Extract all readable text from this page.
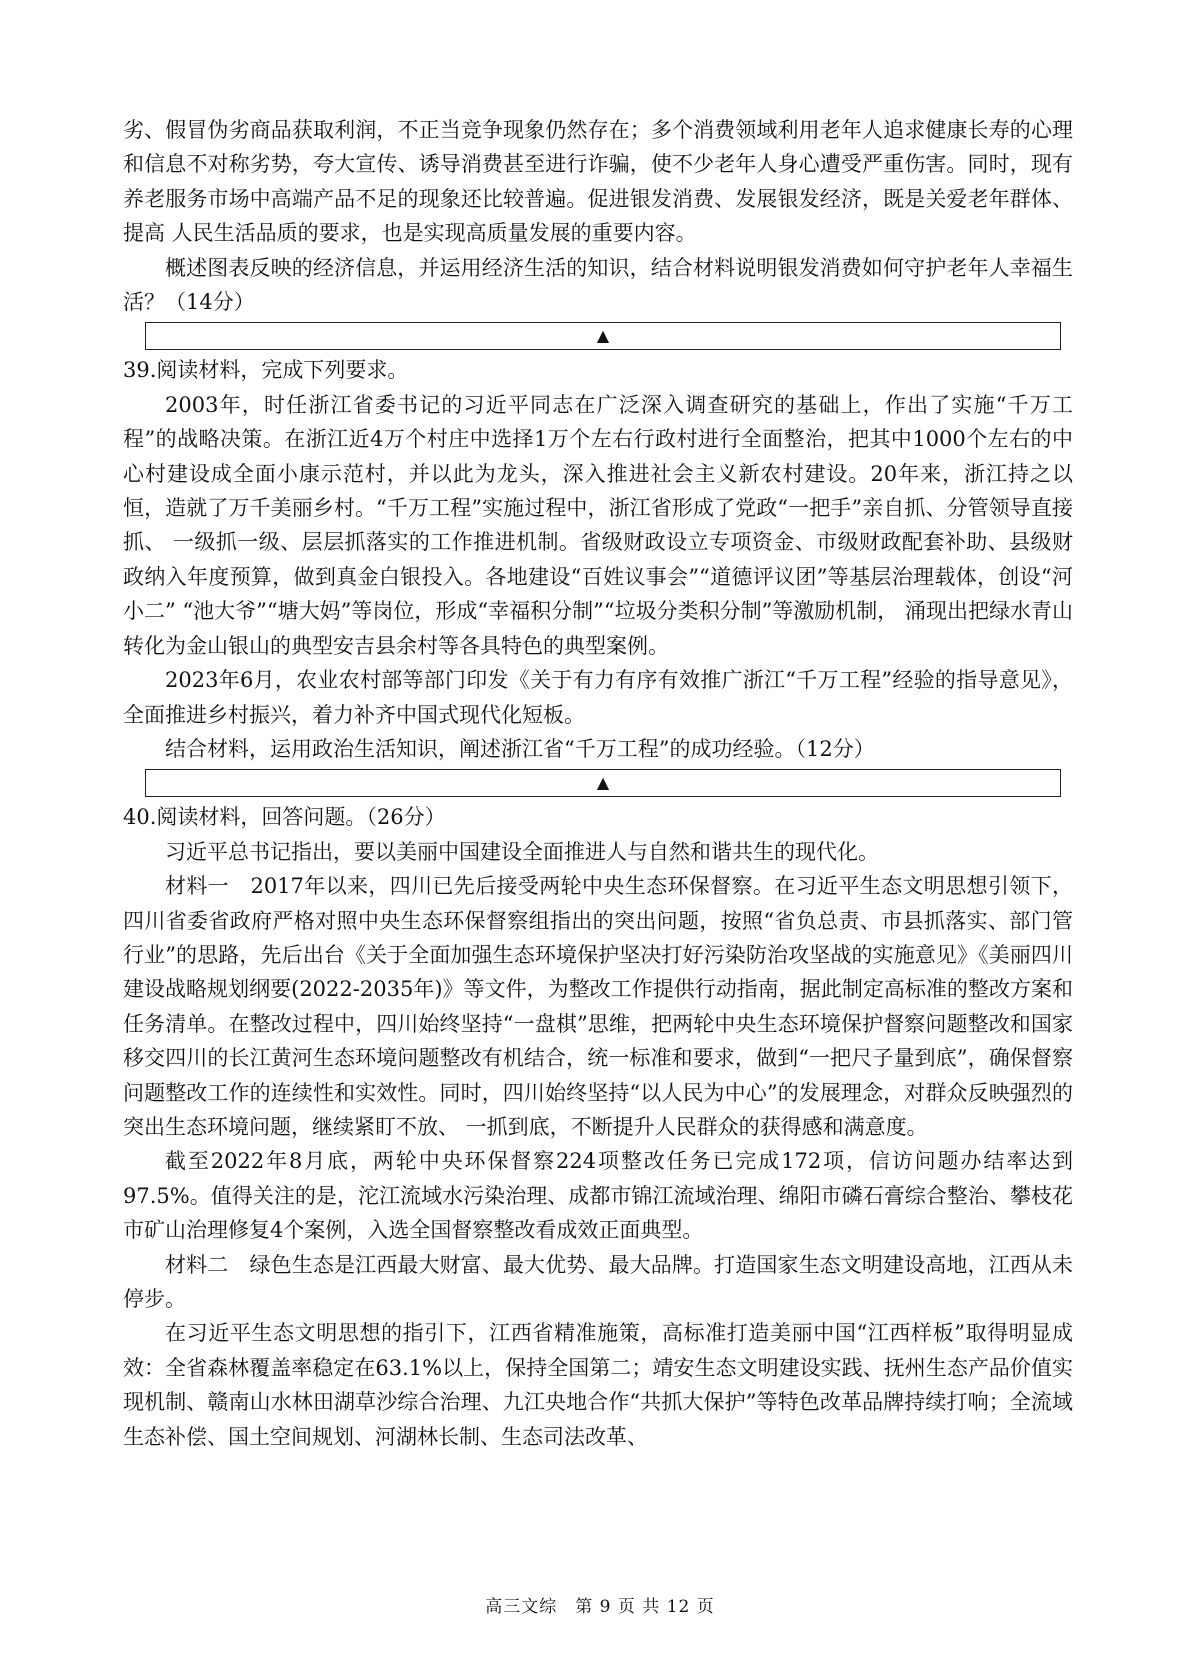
劣、假冒伪劣商品获取利润，不正当竞争现象仍然存在；多个消费领域利用老年人追求健康长寿的心理和信息不对称劣势，夸大宣传、诱导消费甚至进行诈骗，使不少老年人身心遭受严重伤害。同时，现有养老服务市场中高端产品不足的现象还比较普遍。促进银发消费、发展银发经济，既是关爱老年群体、提高 人民生活品质的要求，也是实现高质量发展的重要内容。

概述图表反映的经济信息，并运用经济生活的知识，结合材料说明银发消费如何守护老年人幸福生活？（14分）

▲

39.阅读材料，完成下列要求。

2003年，时任浙江省委书记的习近平同志在广泛深入调查研究的基础上，作出了实施“千万工程”的战略决策。在浙江近4万个村庄中选择1万个左右行政村进行全面整治，把其中1000个左右的中心村建设成全面小康示范村，并以此为龙头，深入推进社会主义新农村建设。20年来，浙江持之以恒，造就了万千美丽乡村。“千万工程”实施过程中，浙江省形成了党政“一把手”亲自抓、分管领导直接抓、 一级抓一级、层层抓落实的工作推进机制。省级财政设立专项资金、市级财政配套补助、县级财政纳入年度预算，做到真金白银投入。各地建设“百姓议事会”“道德评议团”等基层治理载体，创设“河小二” “池大爷”“塘大妈”等岗位，形成“幸福积分制”“垃圾分类积分制”等激励机制， 涌现出把绿水青山转化为金山银山的典型安吉县余村等各具特色的典型案例。

2023年6月，农业农村部等部门印发《关于有力有序有效推广浙江“千万工程”经验的指导意见》，全面推进乡村振兴，着力补齐中国式现代化短板。

结合材料，运用政治生活知识，阐述浙江省“千万工程”的成功经验。（12分）

▲

40.阅读材料，回答问题。（26分）

习近平总书记指出，要以美丽中国建设全面推进人与自然和谐共生的现代化。

材料一　2017年以来，四川已先后接受两轮中央生态环保督察。在习近平生态文明思想引领下，四川省委省政府严格对照中央生态环保督察组指出的突出问题，按照“省负总责、市县抓落实、部门管行业”的思路，先后出台《关于全面加强生态环境保护坚决打好污染防治攻坚战的实施意见》《美丽四川建设战略规划纲要(2022-2035年)》等文件，为整改工作提供行动指南，据此制定高标准的整改方案和任务清单。在整改过程中，四川始终坚持“一盘棋”思维，把两轮中央生态环境保护督察问题整改和国家移交四川的长江黄河生态环境问题整改有机结合，统一标准和要求，做到“一把尺子量到底”，确保督察问题整改工作的连续性和实效性。同时，四川始终坚持“以人民为中心”的发展理念，对群众反映强烈的突出生态环境问题，继续紧盯不放、 一抓到底，不断提升人民群众的获得感和满意度。

截至2022年8月底，两轮中央环保督察224项整改任务已完成172项，信访问题办结率达到 97.5%。值得关注的是，沱江流域水污染治理、成都市锦江流域治理、绵阳市磷石膏综合整治、攀枝花市矿山治理修复4个案例，入选全国督察整改看成效正面典型。

材料二　绿色生态是江西最大财富、最大优势、最大品牌。打造国家生态文明建设高地，江西从未停步。

在习近平生态文明思想的指引下，江西省精准施策，高标准打造美丽中国“江西样板”取得明显成效：全省森林覆盖率稳定在63.1%以上，保持全国第二；靖安生态文明建设实践、抚州生态产品价值实现机制、赣南山水林田湖草沙综合治理、九江央地合作“共抓大保护”等特色改革品牌持续打响；全流域生态补偿、国土空间规划、河湖林长制、生态司法改革、

高三文综　第 9 页 共 12 页
